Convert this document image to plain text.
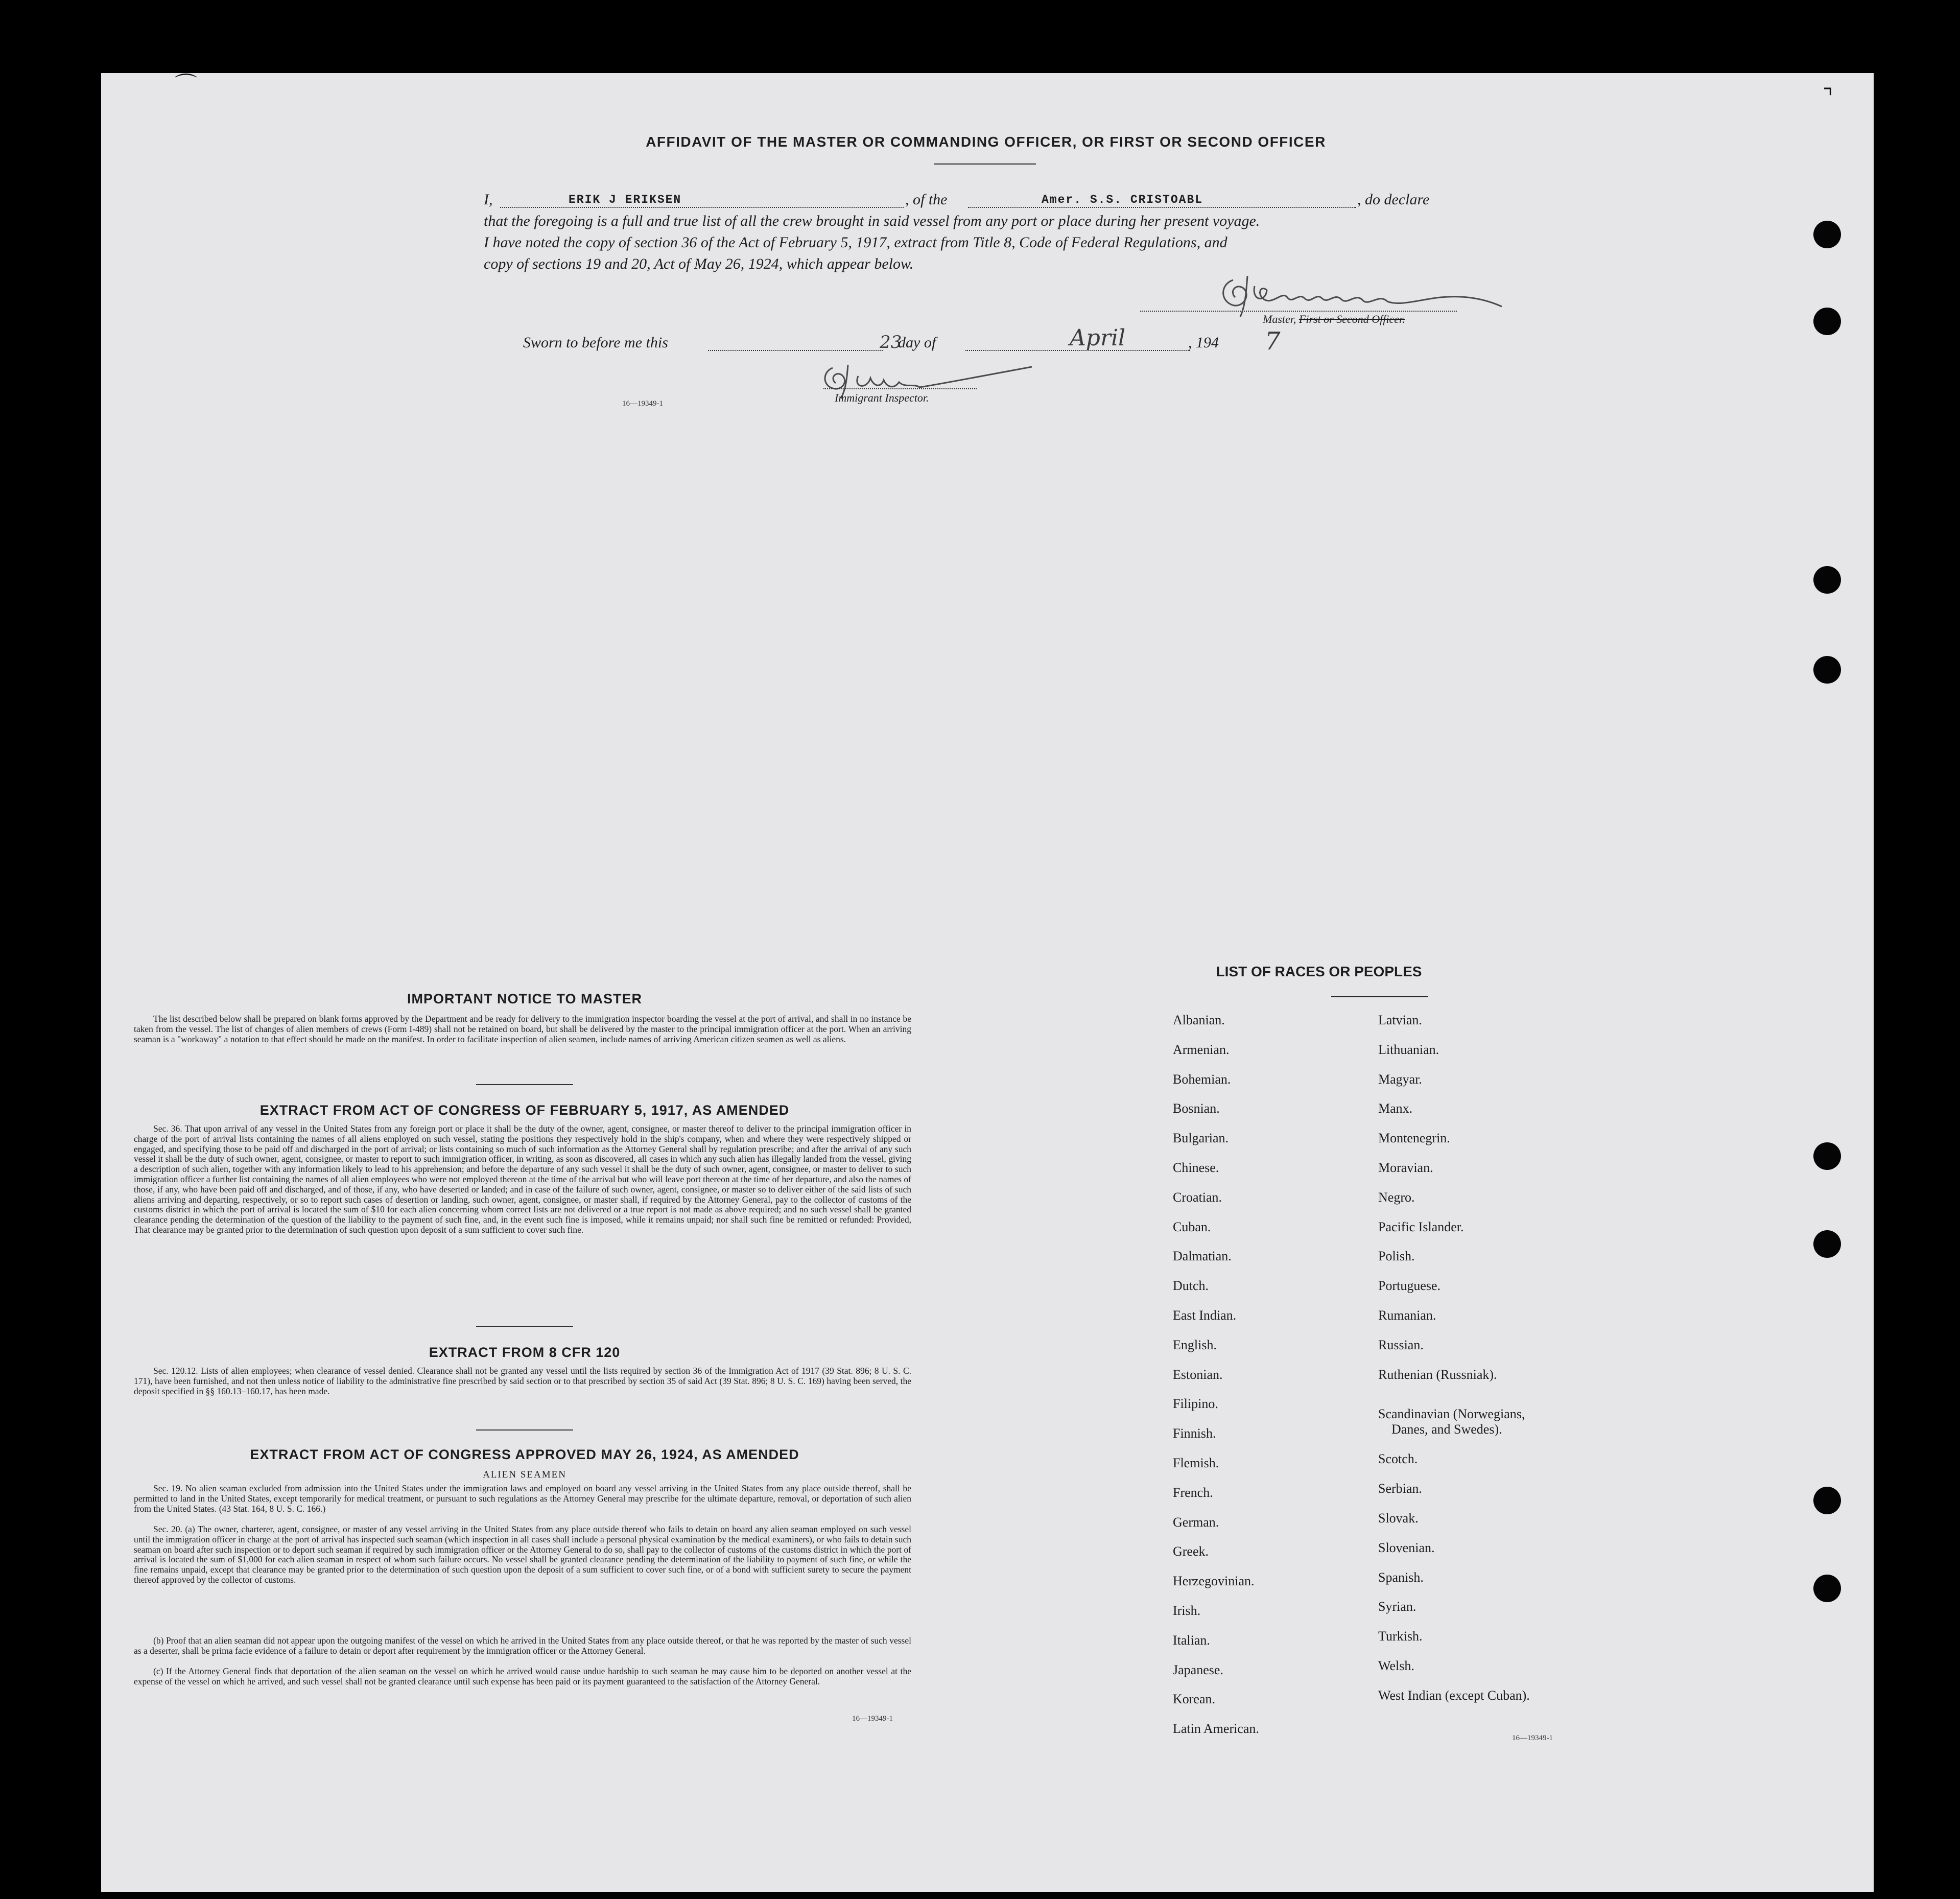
⌒	⌝
AFFIDAVIT OF THE MASTER OR COMMANDING OFFICER, OR FIRST OR SECOND OFFICER
I,	ERIK J ERIKSEN	, of the	Amer. S.S. CRISTOABL	, do declare
that the foregoing is a full and true list of all the crew brought in said vessel from any port or place during her present voyage.
I have noted the copy of section 36 of the Act of February 5, 1917, extract from Title 8, Code of Federal Regulations, and
copy of sections 19 and 20, Act of May 26, 1924, which appear below.
Master, First or Second Officer.
Sworn to before me this	23
day of	April	, 194 7
Immigrant Inspector.
16—19349-1
IMPORTANT NOTICE TO MASTER

The list described below shall be prepared on blank forms approved by the Department and be ready for delivery to the immigration inspector boarding the vessel at the port of arrival, and shall in no instance be taken from the vessel. The list of changes of alien members of crews (Form I-489) shall not be retained on board, but shall be delivered by the master to the principal immigration officer at the port. When an arriving seaman is a "workaway" a notation to that effect should be made on the manifest. In order to facilitate inspection of alien seamen, include names of arriving American citizen seamen as well as aliens.

EXTRACT FROM ACT OF CONGRESS OF FEBRUARY 5, 1917, AS AMENDED

Sec. 36. That upon arrival of any vessel in the United States from any foreign port or place it shall be the duty of the owner, agent, consignee, or master thereof to deliver to the principal immigration officer in charge of the port of arrival lists containing the names of all aliens employed on such vessel, stating the positions they respectively hold in the ship's company, when and where they were respectively shipped or engaged, and specifying those to be paid off and discharged in the port of arrival; or lists containing so much of such information as the Attorney General shall by regulation prescribe; and after the arrival of any such vessel it shall be the duty of such owner, agent, consignee, or master to report to such immigration officer, in writing, as soon as discovered, all cases in which any such alien has illegally landed from the vessel, giving a description of such alien, together with any information likely to lead to his apprehension; and before the departure of any such vessel it shall be the duty of such owner, agent, consignee, or master to deliver to such immigration officer a further list containing the names of all alien employees who were not employed thereon at the time of the arrival but who will leave port thereon at the time of her departure, and also the names of those, if any, who have been paid off and discharged, and of those, if any, who have deserted or landed; and in case of the failure of such owner, agent, consignee, or master so to deliver either of the said lists of such aliens arriving and departing, respectively, or so to report such cases of desertion or landing, such owner, agent, consignee, or master shall, if required by the Attorney General, pay to the collector of customs of the customs district in which the port of arrival is located the sum of $10 for each alien concerning whom correct lists are not delivered or a true report is not made as above required; and no such vessel shall be granted clearance pending the determination of the question of the liability to the payment of such fine, and, in the event such fine is imposed, while it remains unpaid; nor shall such fine be remitted or refunded: Provided, That clearance may be granted prior to the determination of such question upon deposit of a sum sufficient to cover such fine.

EXTRACT FROM 8 CFR 120

Sec. 120.12. Lists of alien employees; when clearance of vessel denied. Clearance shall not be granted any vessel until the lists required by section 36 of the Immigration Act of 1917 (39 Stat. 896; 8 U. S. C. 171), have been furnished, and not then unless notice of liability to the administrative fine prescribed by said section or to that prescribed by section 35 of said Act (39 Stat. 896; 8 U. S. C. 169) having been served, the deposit specified in §§ 160.13–160.17, has been made.

EXTRACT FROM ACT OF CONGRESS APPROVED MAY 26, 1924, AS AMENDED
ALIEN SEAMEN

Sec. 19. No alien seaman excluded from admission into the United States under the immigration laws and employed on board any vessel arriving in the United States from any place outside thereof, shall be permitted to land in the United States, except temporarily for medical treatment, or pursuant to such regulations as the Attorney General may prescribe for the ultimate departure, removal, or deportation of such alien from the United States. (43 Stat. 164, 8 U. S. C. 166.)

Sec. 20. (a) The owner, charterer, agent, consignee, or master of any vessel arriving in the United States from any place outside thereof who fails to detain on board any alien seaman employed on such vessel until the immigration officer in charge at the port of arrival has inspected such seaman (which inspection in all cases shall include a personal physical examination by the medical examiners), or who fails to detain such seaman on board after such inspection or to deport such seaman if required by such immigration officer or the Attorney General to do so, shall pay to the collector of customs of the customs district in which the port of arrival is located the sum of $1,000 for each alien seaman in respect of whom such failure occurs. No vessel shall be granted clearance pending the determination of the liability to payment of such fine, or while the fine remains unpaid, except that clearance may be granted prior to the determination of such question upon the deposit of a sum sufficient to cover such fine, or of a bond with sufficient surety to secure the payment thereof approved by the collector of customs.

(b) Proof that an alien seaman did not appear upon the outgoing manifest of the vessel on which he arrived in the United States from any place outside thereof, or that he was reported by the master of such vessel as a deserter, shall be prima facie evidence of a failure to detain or deport after requirement by the immigration officer or the Attorney General.

(c) If the Attorney General finds that deportation of the alien seaman on the vessel on which he arrived would cause undue hardship to such seaman he may cause him to be deported on another vessel at the expense of the vessel on which he arrived, and such vessel shall not be granted clearance until such expense has been paid or its payment guaranteed to the satisfaction of the Attorney General.

16—19349-1
LIST OF RACES OR PEOPLES
Albanian.
Armenian.
Bohemian.
Bosnian.
Bulgarian.
Chinese.
Croatian.
Cuban.
Dalmatian.
Dutch.
East Indian.
English.
Estonian.
Filipino.
Finnish.
Flemish.
French.
German.
Greek.
Herzegovinian.
Irish.
Italian.
Japanese.
Korean.
Latin American.
Latvian.
Lithuanian.
Magyar.
Manx.
Montenegrin.
Moravian.
Negro.
Pacific Islander.
Polish.
Portuguese.
Rumanian.
Russian.
Ruthenian (Russniak).
Scandinavian (Norwegians,
Danes, and Swedes).
Scotch.
Serbian.
Slovak.
Slovenian.
Spanish.
Syrian.
Turkish.
Welsh.
West Indian (except Cuban).
16—19349-1
